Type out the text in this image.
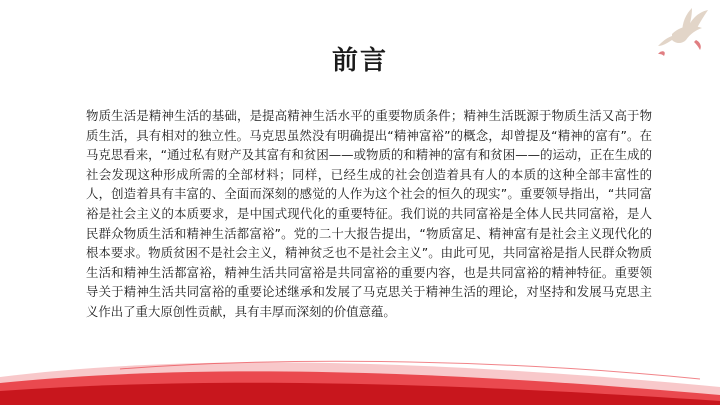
前言
物质生活是精神生活的基础，是提高精神生活水平的重要物质条件；精神生活既源于物质生活又高于物质生活，具有相对的独立性。马克思虽然没有明确提出“精神富裕”的概念，却曾提及“精神的富有”。在马克思看来，“通过私有财产及其富有和贫困——或物质的和精神的富有和贫困——的运动，正在生成的社会发现这种形成所需的全部材料；同样，已经生成的社会创造着具有人的本质的这种全部丰富性的人，创造着具有丰富的、全面而深刻的感觉的人作为这个社会的恒久的现实”。重要领导指出，“共同富裕是社会主义的本质要求，是中国式现代化的重要特征。我们说的共同富裕是全体人民共同富裕，是人民群众物质生活和精神生活都富裕”。党的二十大报告提出，“物质富足、精神富有是社会主义现代化的根本要求。物质贫困不是社会主义，精神贫乏也不是社会主义”。由此可见，共同富裕是指人民群众物质生活和精神生活都富裕，精神生活共同富裕是共同富裕的重要内容，也是共同富裕的精神特征。重要领导关于精神生活共同富裕的重要论述继承和发展了马克思关于精神生活的理论，对坚持和发展马克思主义作出了重大原创性贡献，具有丰厚而深刻的价值意蕴。
